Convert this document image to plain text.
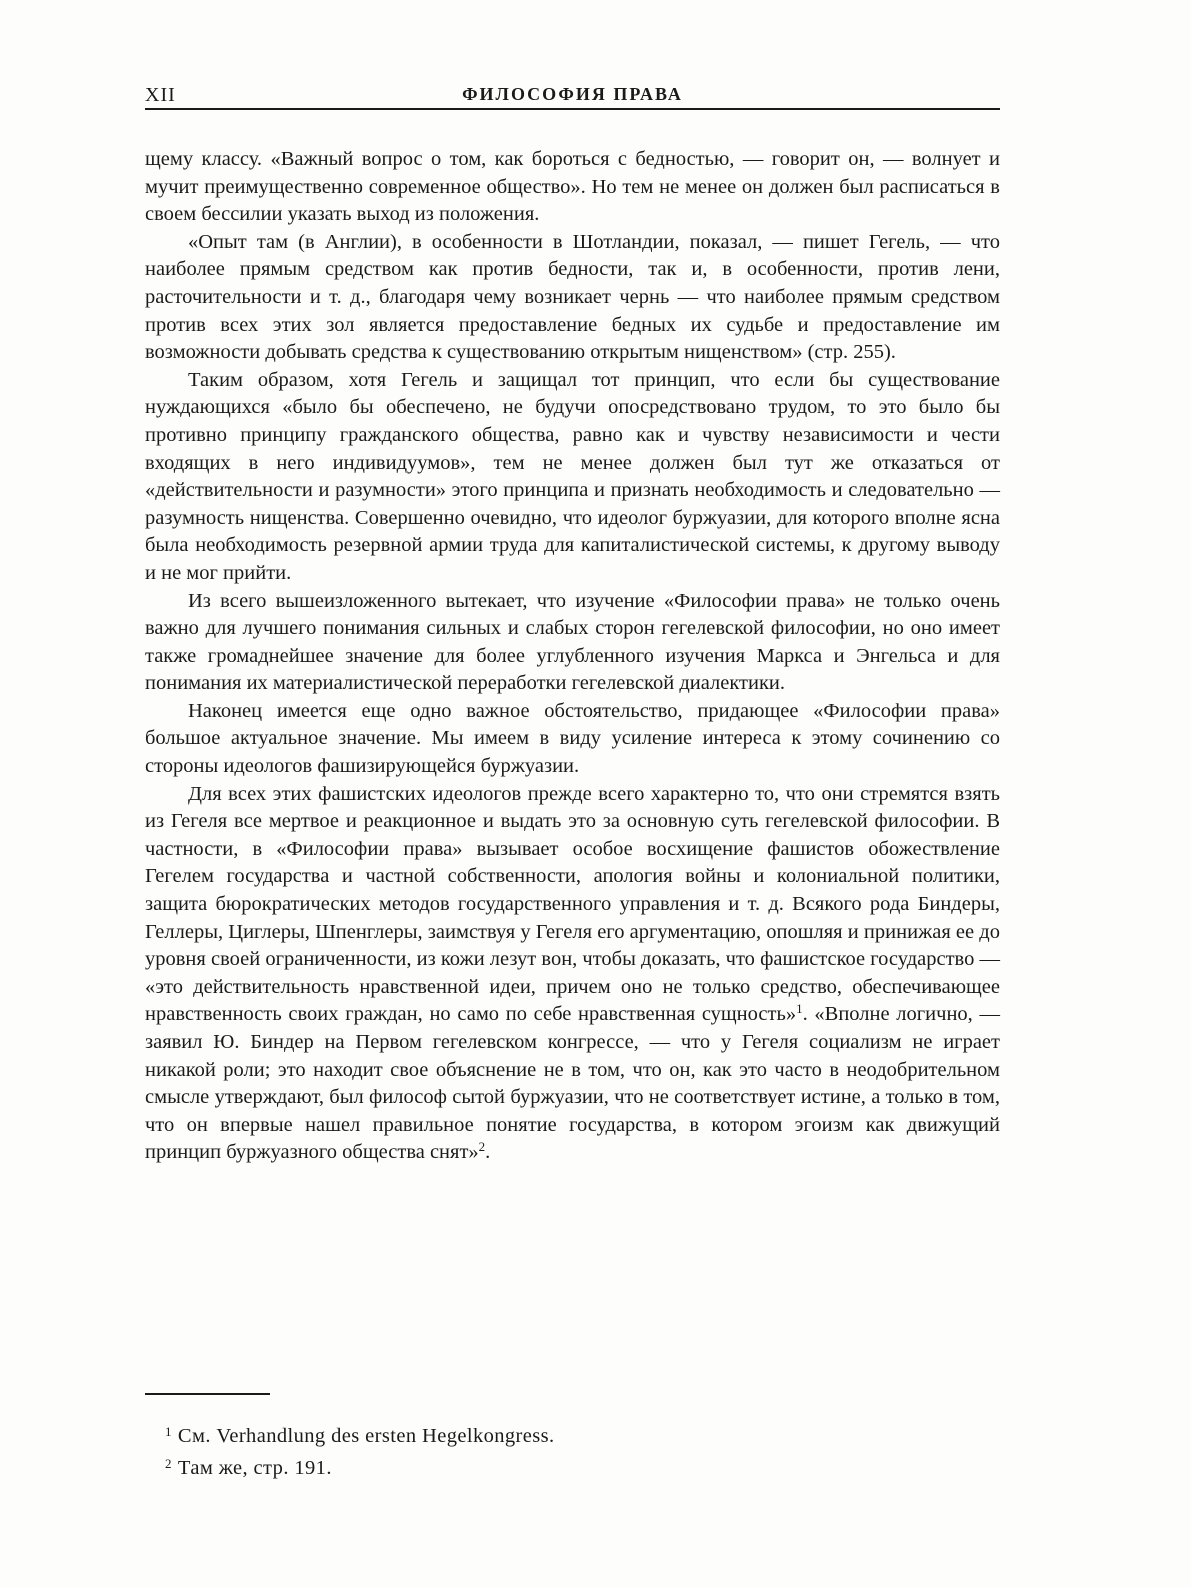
XII	ФИЛОСОФИЯ ПРАВА

щему классу. «Важный вопрос о том, как бороться с бедностью, — говорит он, — волнует и мучит преимущественно современное общество». Но тем не менее он должен был расписаться в своем бессилии указать выход из положения.

«Опыт там (в Англии), в особенности в Шотландии, показал, — пишет Гегель, — что наиболее прямым средством как против бедности, так и, в особенности, против лени, расточительности и т. д., благодаря чему возникает чернь — что наиболее прямым средством против всех этих зол является предоставление бедных их судьбе и предоставление им возможности добывать средства к существованию открытым нищенством» (стр. 255).

Таким образом, хотя Гегель и защищал тот принцип, что если бы существование нуждающихся «было бы обеспечено, не будучи опосредствовано трудом, то это было бы противно принципу гражданского общества, равно как и чувству независимости и чести входящих в него индивидуумов», тем не менее должен был тут же отказаться от «действительности и разумности» этого принципа и признать необходимость и следовательно — разумность нищенства. Совершенно очевидно, что идеолог буржуазии, для которого вполне ясна была необходимость резервной армии труда для капиталистической системы, к другому выводу и не мог прийти.

Из всего вышеизложенного вытекает, что изучение «Философии права» не только очень важно для лучшего понимания сильных и слабых сторон гегелевской философии, но оно имеет также громаднейшее значение для более углубленного изучения Маркса и Энгельса и для понимания их материалистической переработки гегелевской диалектики.

Наконец имеется еще одно важное обстоятельство, придающее «Философии права» большое актуальное значение. Мы имеем в виду усиление интереса к этому сочинению со стороны идеологов фашизирующейся буржуазии.

Для всех этих фашистских идеологов прежде всего характерно то, что они стремятся взять из Гегеля все мертвое и реакционное и выдать это за основную суть гегелевской философии. В частности, в «Философии права» вызывает особое восхищение фашистов обожествление Гегелем государства и частной собственности, апология войны и колониальной политики, защита бюрократических методов государственного управления и т. д. Всякого рода Биндеры, Геллеры, Циглеры, Шпенглеры, заимствуя у Гегеля его аргументацию, опошляя и принижая ее до уровня своей ограниченности, из кожи лезут вон, чтобы доказать, что фашистское государство — «это действительность нравственной идеи, причем оно не только средство, обеспечивающее нравственность своих граждан, но само по себе нравственная сущность»$^1$. «Вполне логично, — заявил Ю. Биндер на Первом гегелевском конгрессе, — что у Гегеля социализм не играет никакой роли; это находит свое объяснение не в том, что он, как это часто в неодобрительном смысле утверждают, был философ сытой буржуазии, что не соответствует истине, а только в том, что он впервые нашел правильное понятие государства, в котором эгоизм как движущий принцип буржуазного общества снят»$^2$.

$^1$ См. Verhandlung des ersten Hegelkongress.

$^2$ Там же, стр. 191.
